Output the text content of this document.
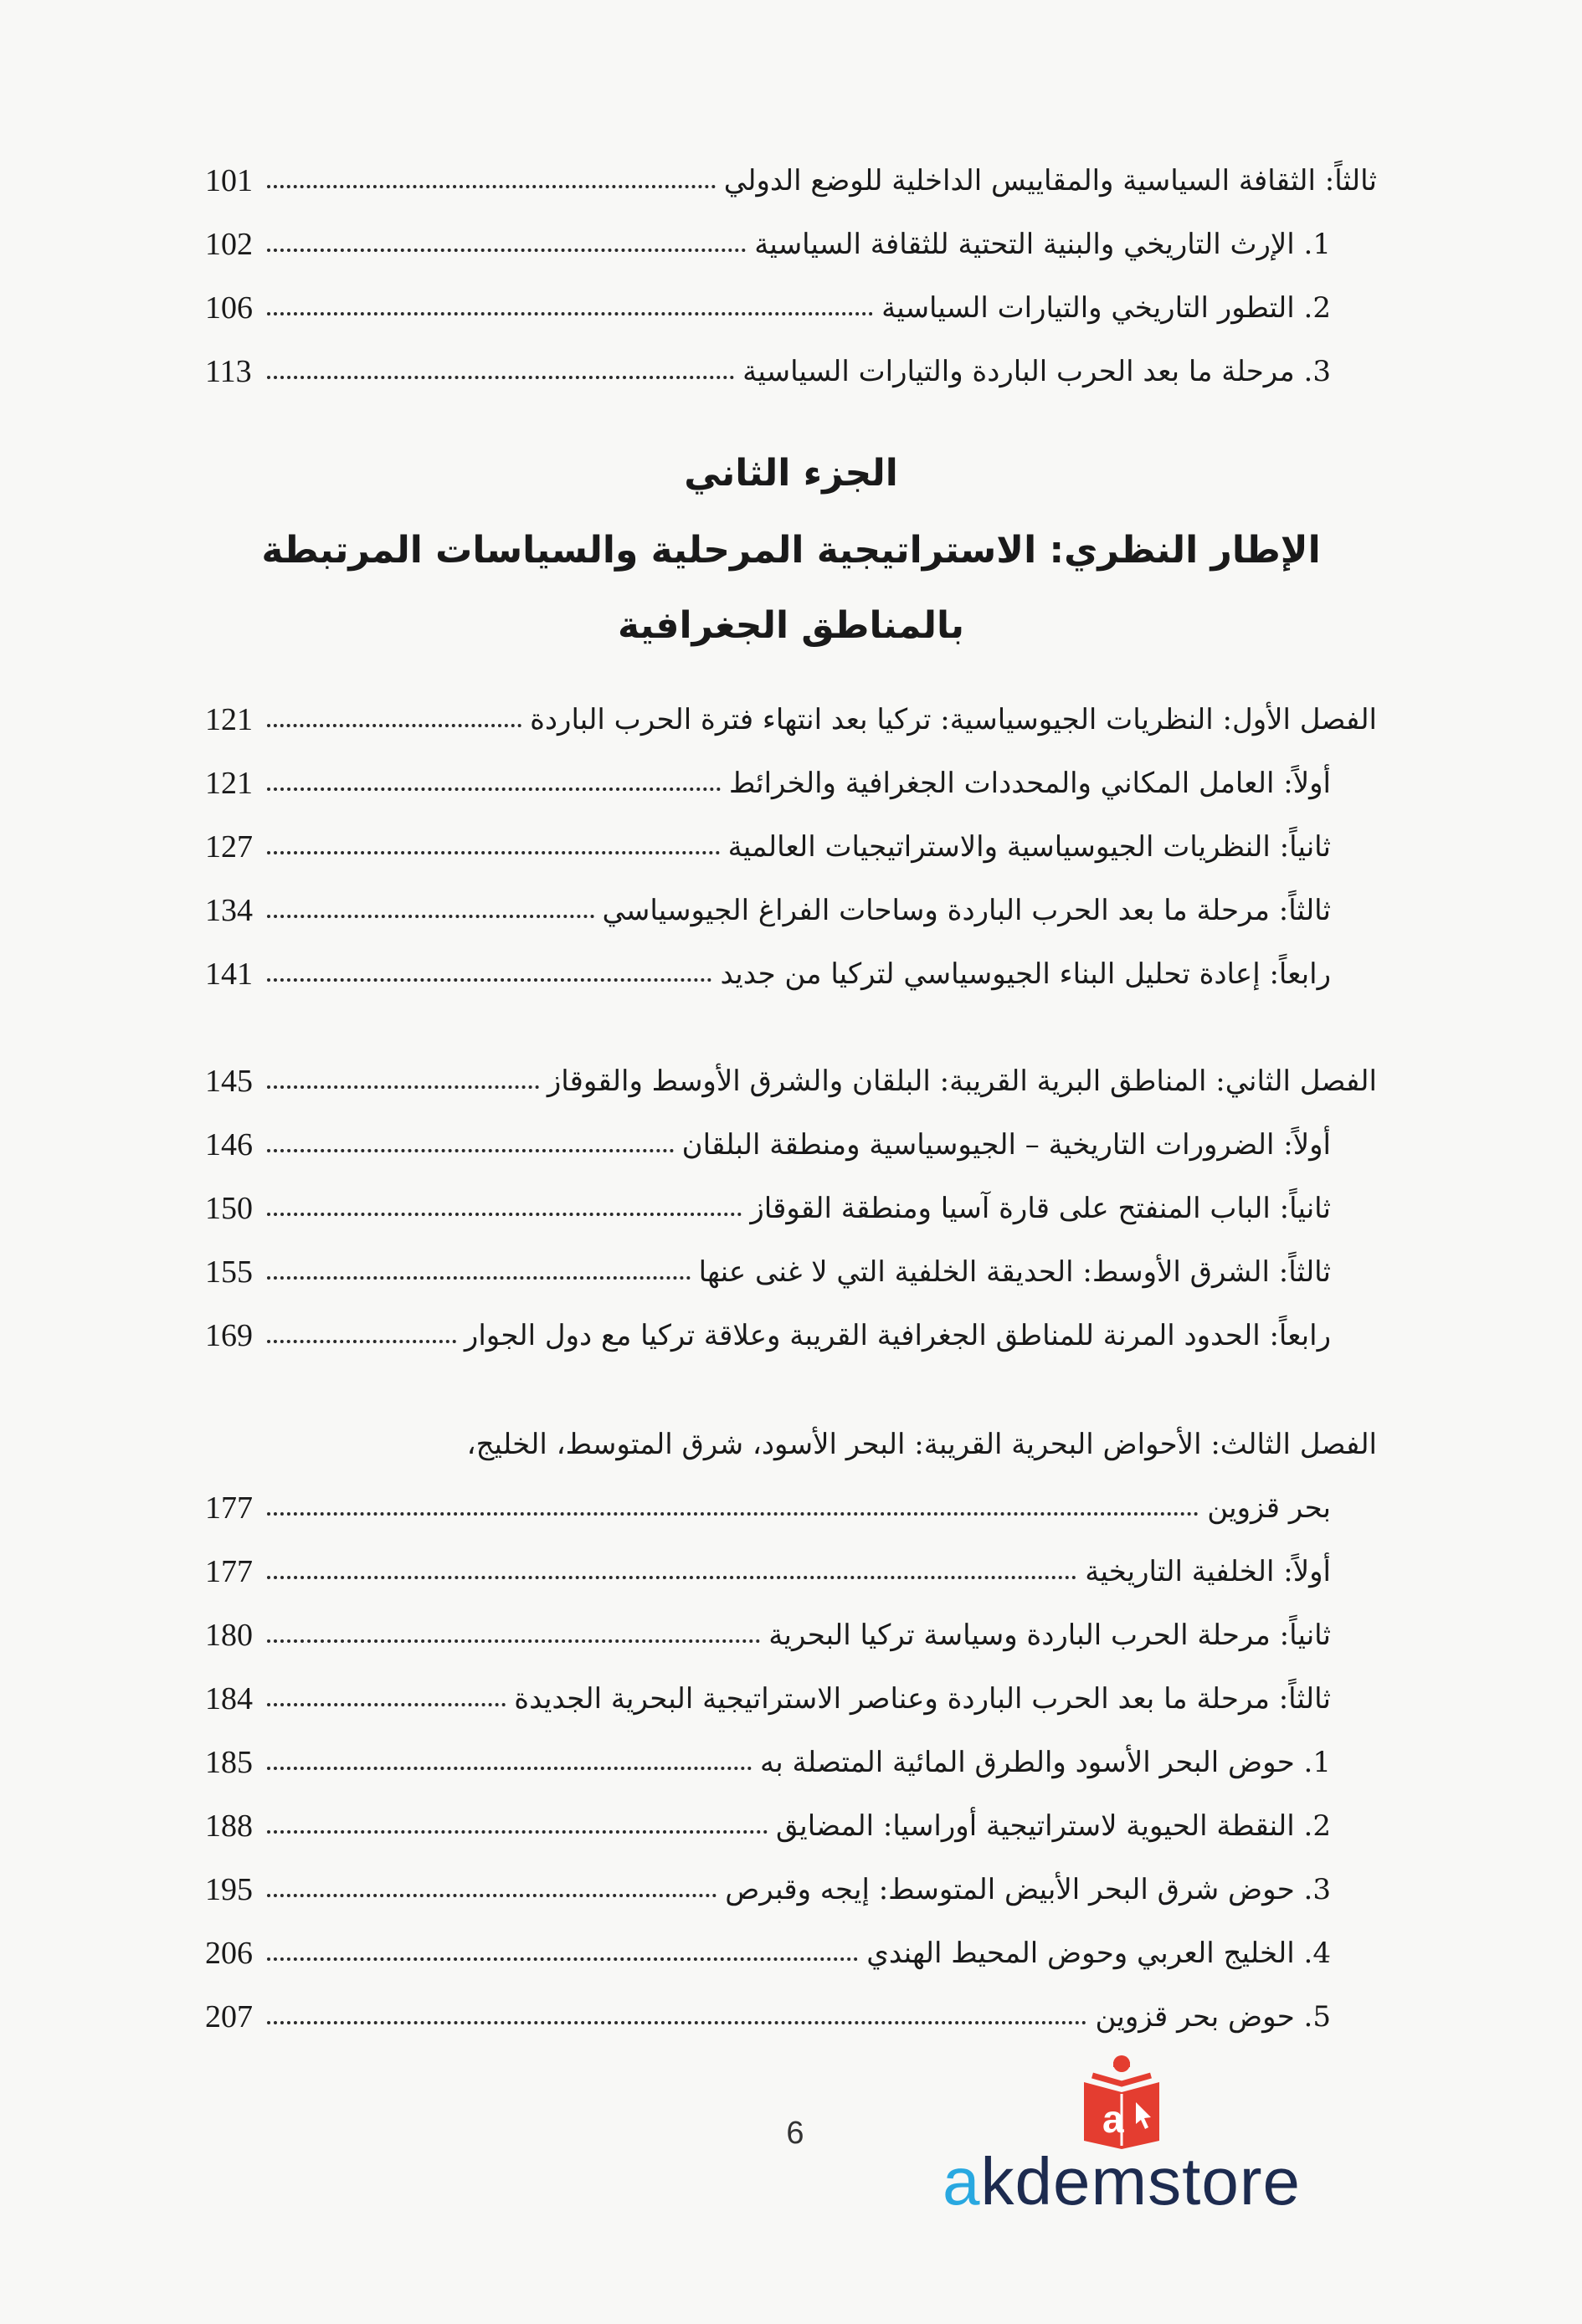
101	ثالثاً: الثقافة السياسية والمقاييس الداخلية للوضع الدولي
102	1. الإرث التاريخي والبنية التحتية للثقافة السياسية
106	2. التطور التاريخي والتيارات السياسية
113	3. مرحلة ما بعد الحرب الباردة والتيارات السياسية
الجزء الثاني
الإطار النظري: الاستراتيجية المرحلية والسياسات المرتبطة
بالمناطق الجغرافية
121	الفصل الأول: النظريات الجيوسياسية: تركيا بعد انتهاء فترة الحرب الباردة
121	أولاً: العامل المكاني والمحددات الجغرافية والخرائط
127	ثانياً: النظريات الجيوسياسية والاستراتيجيات العالمية
134	ثالثاً: مرحلة ما بعد الحرب الباردة وساحات الفراغ الجيوسياسي
141	رابعاً: إعادة تحليل البناء الجيوسياسي لتركيا من جديد
145	الفصل الثاني: المناطق البرية القريبة: البلقان والشرق الأوسط والقوقاز
146	أولاً: الضرورات التاريخية – الجيوسياسية ومنطقة البلقان
150	ثانياً: الباب المنفتح على قارة آسيا ومنطقة القوقاز
155	ثالثاً: الشرق الأوسط: الحديقة الخلفية التي لا غنى عنها
169	رابعاً: الحدود المرنة للمناطق الجغرافية القريبة وعلاقة تركيا مع دول الجوار
الفصل الثالث: الأحواض البحرية القريبة: البحر الأسود، شرق المتوسط، الخليج،
177	بحر قزوين
177	أولاً: الخلفية التاريخية
180	ثانياً: مرحلة الحرب الباردة وسياسة تركيا البحرية
184	ثالثاً: مرحلة ما بعد الحرب الباردة وعناصر الاستراتيجية البحرية الجديدة
185	1. حوض البحر الأسود والطرق المائية المتصلة به
188	2. النقطة الحيوية لاستراتيجية أوراسيا: المضايق
195	3. حوض شرق البحر الأبيض المتوسط: إيجه وقبرص
206	4. الخليج العربي وحوض المحيط الهندي
207	5. حوض بحر قزوين
6	a
akdemstore
